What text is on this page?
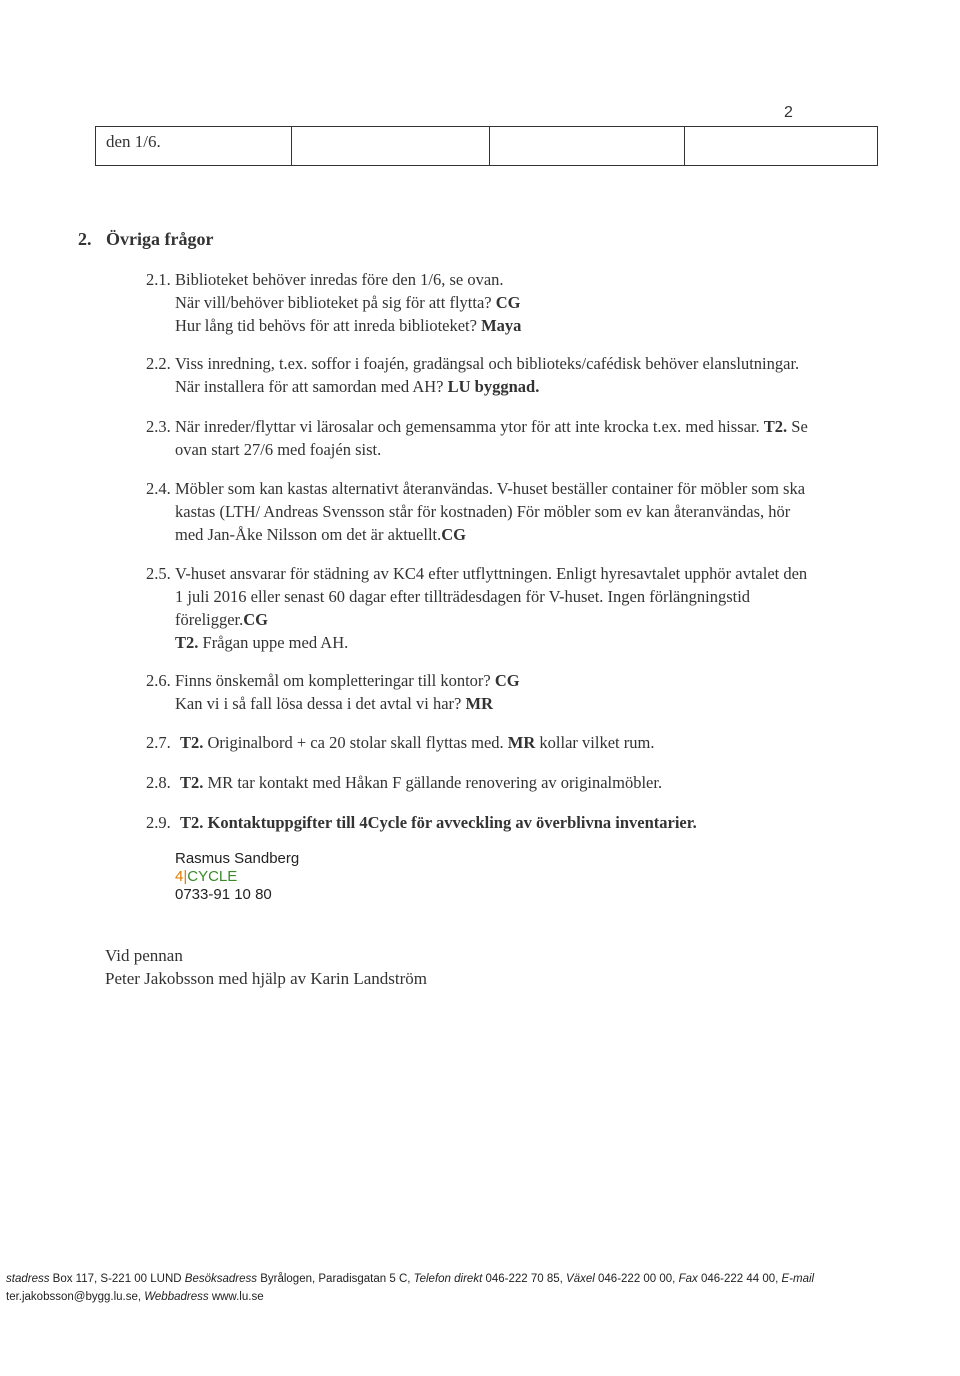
2
den 1/6.
2. Övriga frågor
2.1. Biblioteket behöver inredas före den 1/6, se ovan.
När vill/behöver biblioteket på sig för att flytta? CG
Hur lång tid behövs för att inreda biblioteket? Maya
2.2. Viss inredning, t.ex. soffor i foajén, gradängsal och biblioteks/cafédisk behöver elanslutningar.
När installera för att samordan med AH? LU byggnad.
2.3. När inreder/flyttar vi lärosalar och gemensamma ytor för att inte krocka t.ex. med hissar. T2. Se
ovan start 27/6 med foajén sist.
2.4. Möbler som kan kastas alternativt återanvändas. V-huset beställer container för möbler som ska
kastas (LTH/ Andreas Svensson står för kostnaden) För möbler som ev kan återanvändas, hör
med Jan-Åke Nilsson om det är aktuellt.CG
2.5. V-huset ansvarar för städning av KC4 efter utflyttningen. Enligt hyresavtalet upphör avtalet den
1 juli 2016 eller senast 60 dagar efter tillträdesdagen för V-huset. Ingen förlängningstid
föreligger.CG
T2. Frågan uppe med AH.
2.6. Finns önskemål om kompletteringar till kontor? CG
Kan vi i så fall lösa dessa i det avtal vi har? MR
2.7. T2. Originalbord + ca 20 stolar skall flyttas med. MR kollar vilket rum.
2.8. T2. MR tar kontakt med Håkan F gällande renovering av originalmöbler.
2.9. T2. Kontaktuppgifter till 4Cycle för avveckling av överblivna inventarier.
Rasmus Sandberg
4|CYCLE
0733-91 10 80
Vid pennan
Peter Jakobsson med hjälp av Karin Landström
stadress Box 117, S-221 00 LUND Besöksadress Byrålogen, Paradisgatan 5 C, Telefon direkt 046-222 70 85, Växel 046-222 00 00, Fax 046-222 44 00, E-mail
ter.jakobsson@bygg.lu.se, Webbadress www.lu.se
